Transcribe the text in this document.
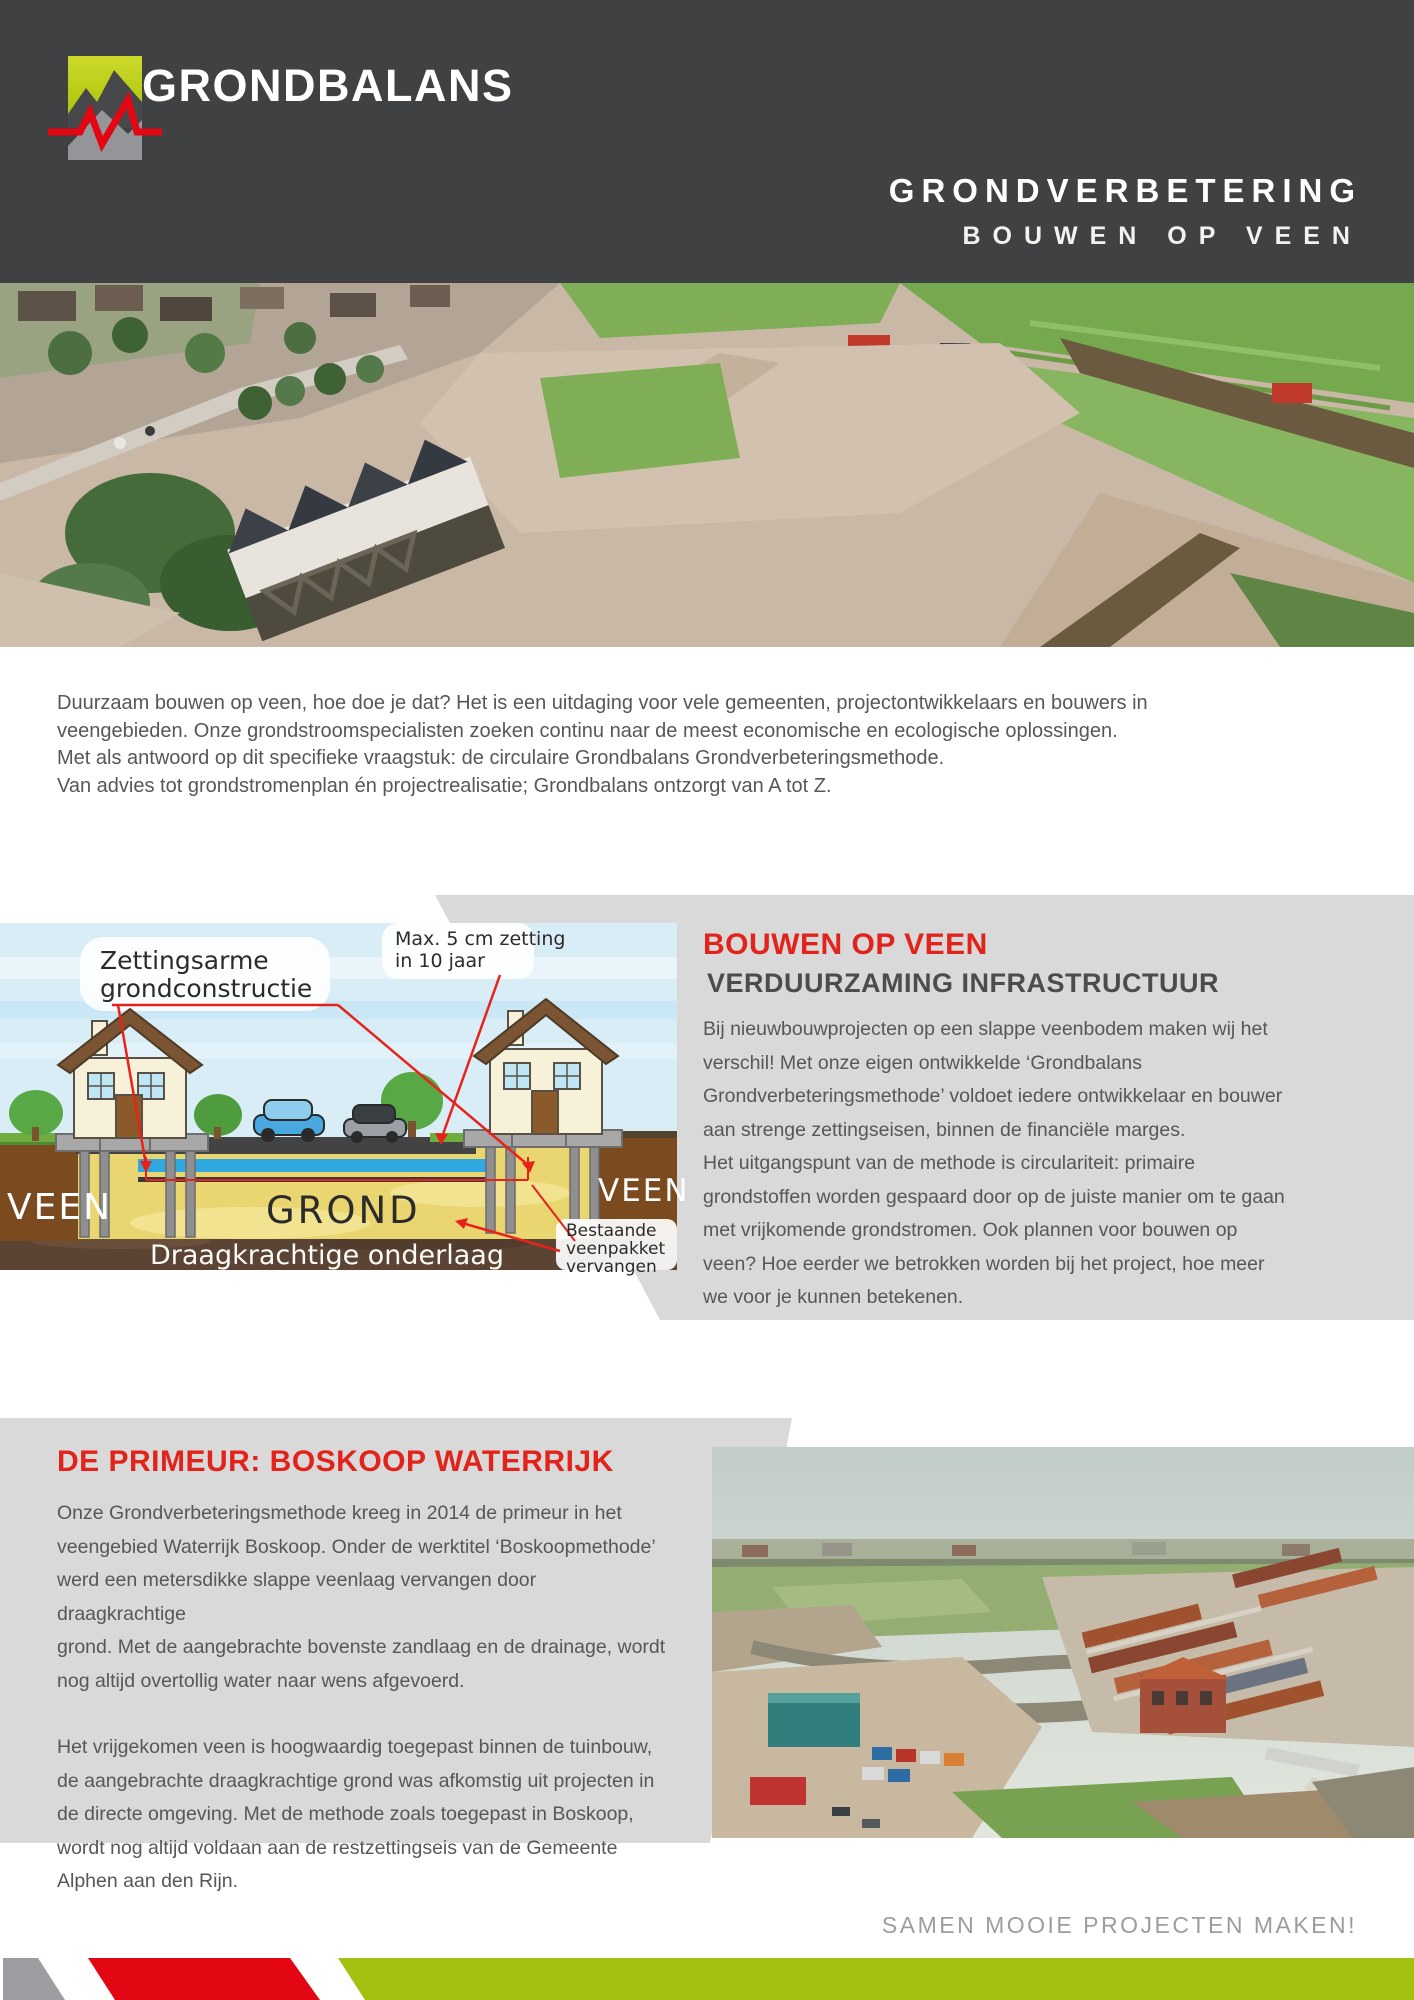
GRONDBALANS
GRONDVERBETERING
BOUWEN OP VEEN
Duurzaam bouwen op veen, hoe doe je dat? Het is een uitdaging voor vele gemeenten, projectontwikkelaars en bouwers in
veengebieden. Onze grondstroomspecialisten zoeken continu naar de meest economische en ecologische oplossingen.
Met als antwoord op dit specifieke vraagstuk: de circulaire Grondbalans Grondverbeteringsmethode.
Van advies tot grondstromenplan én projectrealisatie; Grondbalans ontzorgt van A tot Z.
Zettingsarme
grondconstructie
Max. 5 cm zetting
in 10 jaar
VEEN	VEEN
GROND
Draagkrachtige onderlaag
Bestaande
veenpakket
vervangen
BOUWEN OP VEEN
VERDUURZAMING INFRASTRUCTUUR
Bij nieuwbouwprojecten op een slappe veenbodem maken wij het
verschil! Met onze eigen ontwikkelde ‘Grondbalans
Grondverbeteringsmethode’ voldoet iedere ontwikkelaar en bouwer
aan strenge zettingseisen, binnen de financiële marges.
Het uitgangspunt van de methode is circulariteit: primaire
grondstoffen worden gespaard door op de juiste manier om te gaan
met vrijkomende grondstromen. Ook plannen voor bouwen op
veen? Hoe eerder we betrokken worden bij het project, hoe meer
we voor je kunnen betekenen.
DE PRIMEUR: BOSKOOP WATERRIJK
Onze Grondverbeteringsmethode kreeg in 2014 de primeur in het
veengebied Waterrijk Boskoop. Onder de werktitel ‘Boskoopmethode’
werd een metersdikke slappe veenlaag vervangen door draagkrachtige
grond. Met de aangebrachte bovenste zandlaag en de drainage, wordt
nog altijd overtollig water naar wens afgevoerd.
Het vrijgekomen veen is hoogwaardig toegepast binnen de tuinbouw,
de aangebrachte draagkrachtige grond was afkomstig uit projecten in
de directe omgeving. Met de methode zoals toegepast in Boskoop,
wordt nog altijd voldaan aan de restzettingseis van de Gemeente
Alphen aan den Rijn.
SAMEN MOOIE PROJECTEN MAKEN!
